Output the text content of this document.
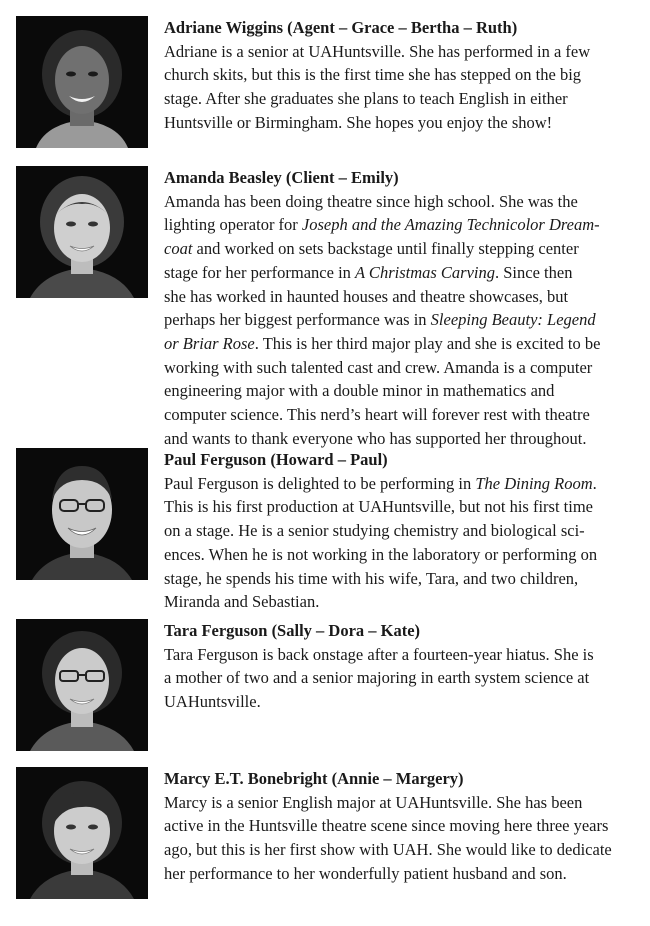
Adriane Wiggins (Agent – Grace – Bertha – Ruth)
Adriane is a senior at UAHuntsville. She has performed in a few
church skits, but this is the first time she has stepped on the big
stage. After she graduates she plans to teach English in either
Huntsville or Birmingham. She hopes you enjoy the show!
Amanda Beasley (Client – Emily)
Amanda has been doing theatre since high school. She was the
lighting operator for Joseph and the Amazing Technicolor Dream-
coat and worked on sets backstage until finally stepping center
stage for her performance in A Christmas Carving. Since then
she has worked in haunted houses and theatre showcases, but
perhaps her biggest performance was in Sleeping Beauty: Legend
or Briar Rose. This is her third major play and she is excited to be
working with such talented cast and crew. Amanda is a computer
engineering major with a double minor in mathematics and
computer science. This nerd’s heart will forever rest with theatre
and wants to thank everyone who has supported her throughout.
Paul Ferguson (Howard – Paul)
Paul Ferguson is delighted to be performing in The Dining Room.
This is his first production at UAHuntsville, but not his first time
on a stage. He is a senior studying chemistry and biological sci-
ences. When he is not working in the laboratory or performing on
stage, he spends his time with his wife, Tara, and two children,
Miranda and Sebastian.
Tara Ferguson (Sally – Dora – Kate)
Tara Ferguson is back onstage after a fourteen-year hiatus. She is
a mother of two and a senior majoring in earth system science at
UAHuntsville.
Marcy E.T. Bonebright (Annie – Margery)
Marcy is a senior English major at UAHuntsville. She has been
active in the Huntsville theatre scene since moving here three years
ago, but this is her first show with UAH. She would like to dedicate
her performance to her wonderfully patient husband and son.
